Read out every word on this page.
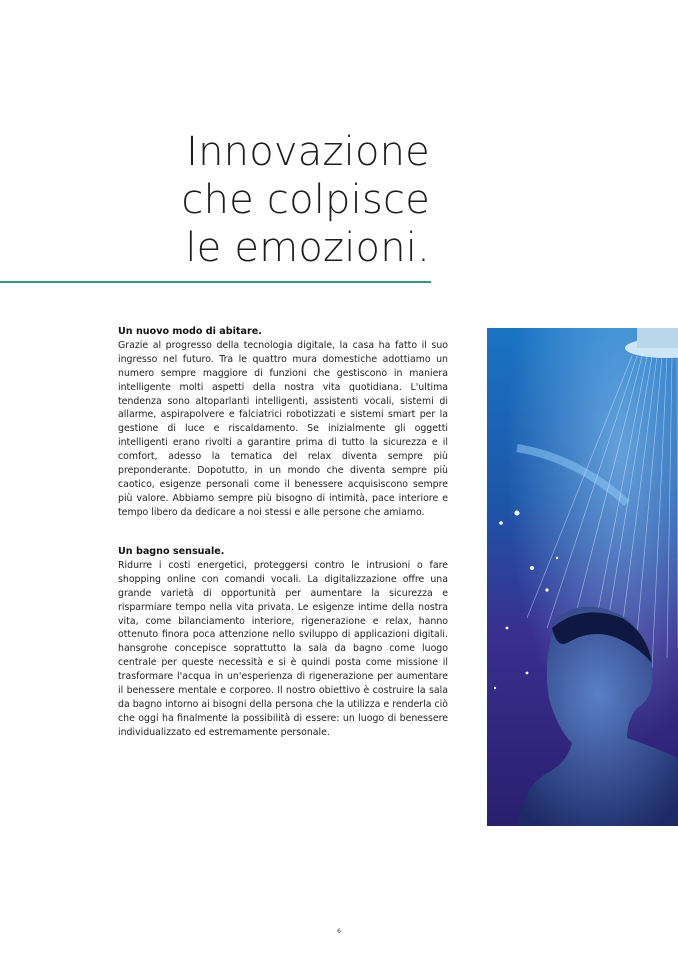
Innovazione
che colpisce
le emozioni.
Un nuovo modo di abitare.

Grazie al progresso della tecnologia digitale, la casa ha fatto il suo ingresso nel futuro. Tra le quattro mura domestiche adottiamo un numero sempre maggiore di funzioni che gestiscono in maniera intelligente molti aspetti della nostra vita quotidiana. L'ultima tendenza sono altoparlanti intelligenti, assistenti vocali, sistemi di allarme, aspirapolvere e falciatrici robotizzati e sistemi smart per la gestione di luce e riscaldamento. Se inizialmente gli oggetti intelligenti erano rivolti a garantire prima di tutto la sicurezza e il comfort, adesso la tematica del relax diventa sempre più preponderante. Dopotutto, in un mondo che diventa sempre più caotico, esigenze personali come il benessere acquisiscono sempre più valore. Abbiamo sempre più bisogno di intimità, pace interiore e tempo libero da dedicare a noi stessi e alle persone che amiamo.

Un bagno sensuale.

Ridurre i costi energetici, proteggersi contro le intrusioni o fare shopping online con comandi vocali. La digitalizzazione offre una grande varietà di opportunità per aumentare la sicurezza e risparmiare tempo nella vita privata. Le esigenze intime della nostra vita, come bilanciamento interiore, rigenerazione e relax, hanno ottenuto finora poca attenzione nello sviluppo di applicazioni digitali. hansgrohe concepisce soprattutto la sala da bagno come luogo centrale per queste necessità e si è quindi posta come missione il trasformare l'acqua in un'esperienza di rigenerazione per aumentare il benessere mentale e corporeo. Il nostro obiettivo è costruire la sala da bagno intorno ai bisogni della persona che la utilizza e renderla ciò che oggi ha finalmente la possibilità di essere: un luogo di benessere individualizzato ed estremamente personale.

6
